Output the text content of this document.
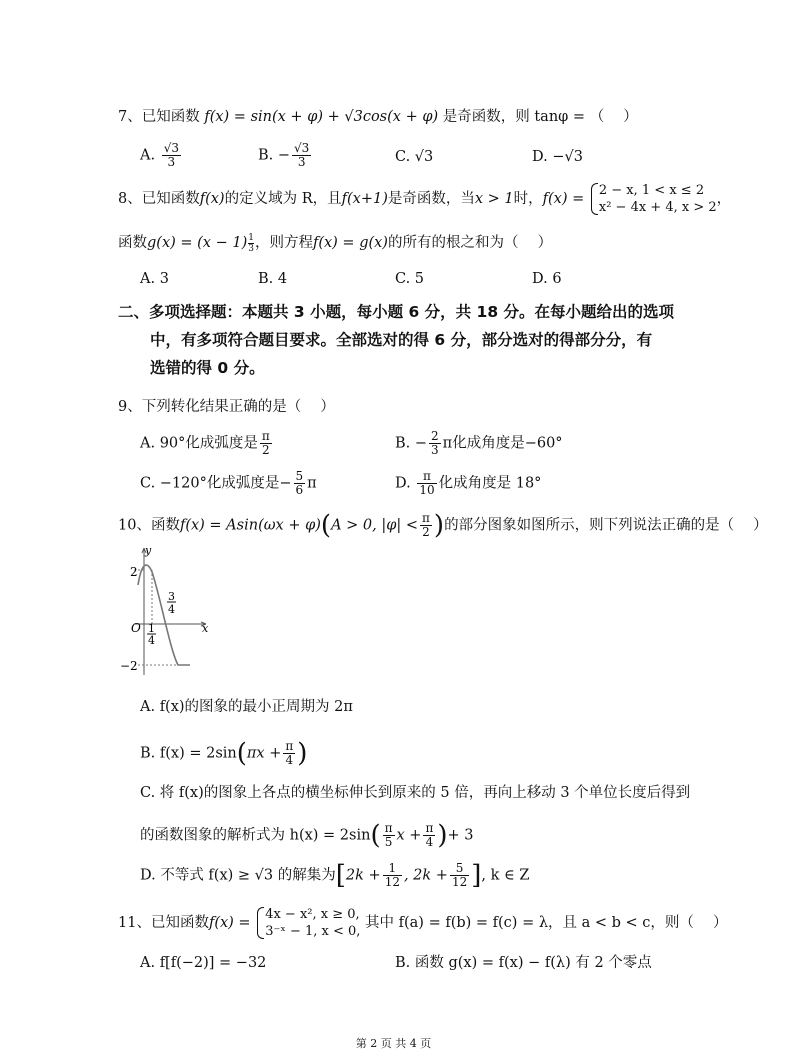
7、已知函数 f(x) = sin(x + φ) + √3cos(x + φ) 是奇函数，则 tanφ = （　 ）
A. $\frac{√3}{3}$	B. − $\frac{√3}{3}$	C. √3	D. −√3
8、已知函数f(x)的定义域为 R，且f(x+1)是奇函数，当x > 1时，f(x) =
2 − x, 1 < x ≤ 2
x² − 4x + 4, x > 2
，
函数$g(x) = (x - 1) \frac{1}{3}$，则方程f(x) = g(x)的所有的根之和为（　 ）
A. 3	B. 4	C. 5	D. 6
二、多项选择题：本题共 3 小题，每小题 6 分，共 18 分。在每小题给出的选项
中，有多项符合题目要求。全部选对的得 6 分，部分选对的得部分分，有
选错的得 0 分。
9、下列转化结果正确的是（　 ）
A. 90°化成弧度是 $\frac{\pi}{2}$	B. − $\frac{2}{3}$ π化成角度是−60°
C. −120°化成弧度是− $\frac{5}{6}$ π	D. $\frac{\pi}{10}$ 化成角度是 18°
10、函数f(x) = Asin(ωx + φ)(A > 0, $|\varphi| < \frac{\pi}{2}$ )的部分图象如图所示，则下列说法正确的是（　 ）
y
x
O
2
−2
1
4
3
4
A. f(x)的图象的最小正周期为 2π
B. $f(x) = 2\sin(\pi x + \frac{\pi}{4}$ )
C. 将 f(x)的图象上各点的横坐标伸长到原来的 5 倍，再向上移动 3 个单位长度后得到
的函数图象的解析式为 $h(x) = 2\sin( \frac{\pi}{5}$ $x + \frac{\pi}{4}$ )+ 3
D. 不等式 f(x) ≥ √3 的解集为[$2k + \frac{1}{12}$ , $2k + \frac{5}{12}$ ], k ∈ Z
11、已知函数f(x) =
4x − x², x ≥ 0,
3⁻ˣ − 1, x < 0,
其中 f(a) = f(b) = f(c) = λ，且 a < b < c，则（　 ）
A. f[f(−2)] = −32	B. 函数 g(x) = f(x) − f(λ) 有 2 个零点
第 2 页 共 4 页
